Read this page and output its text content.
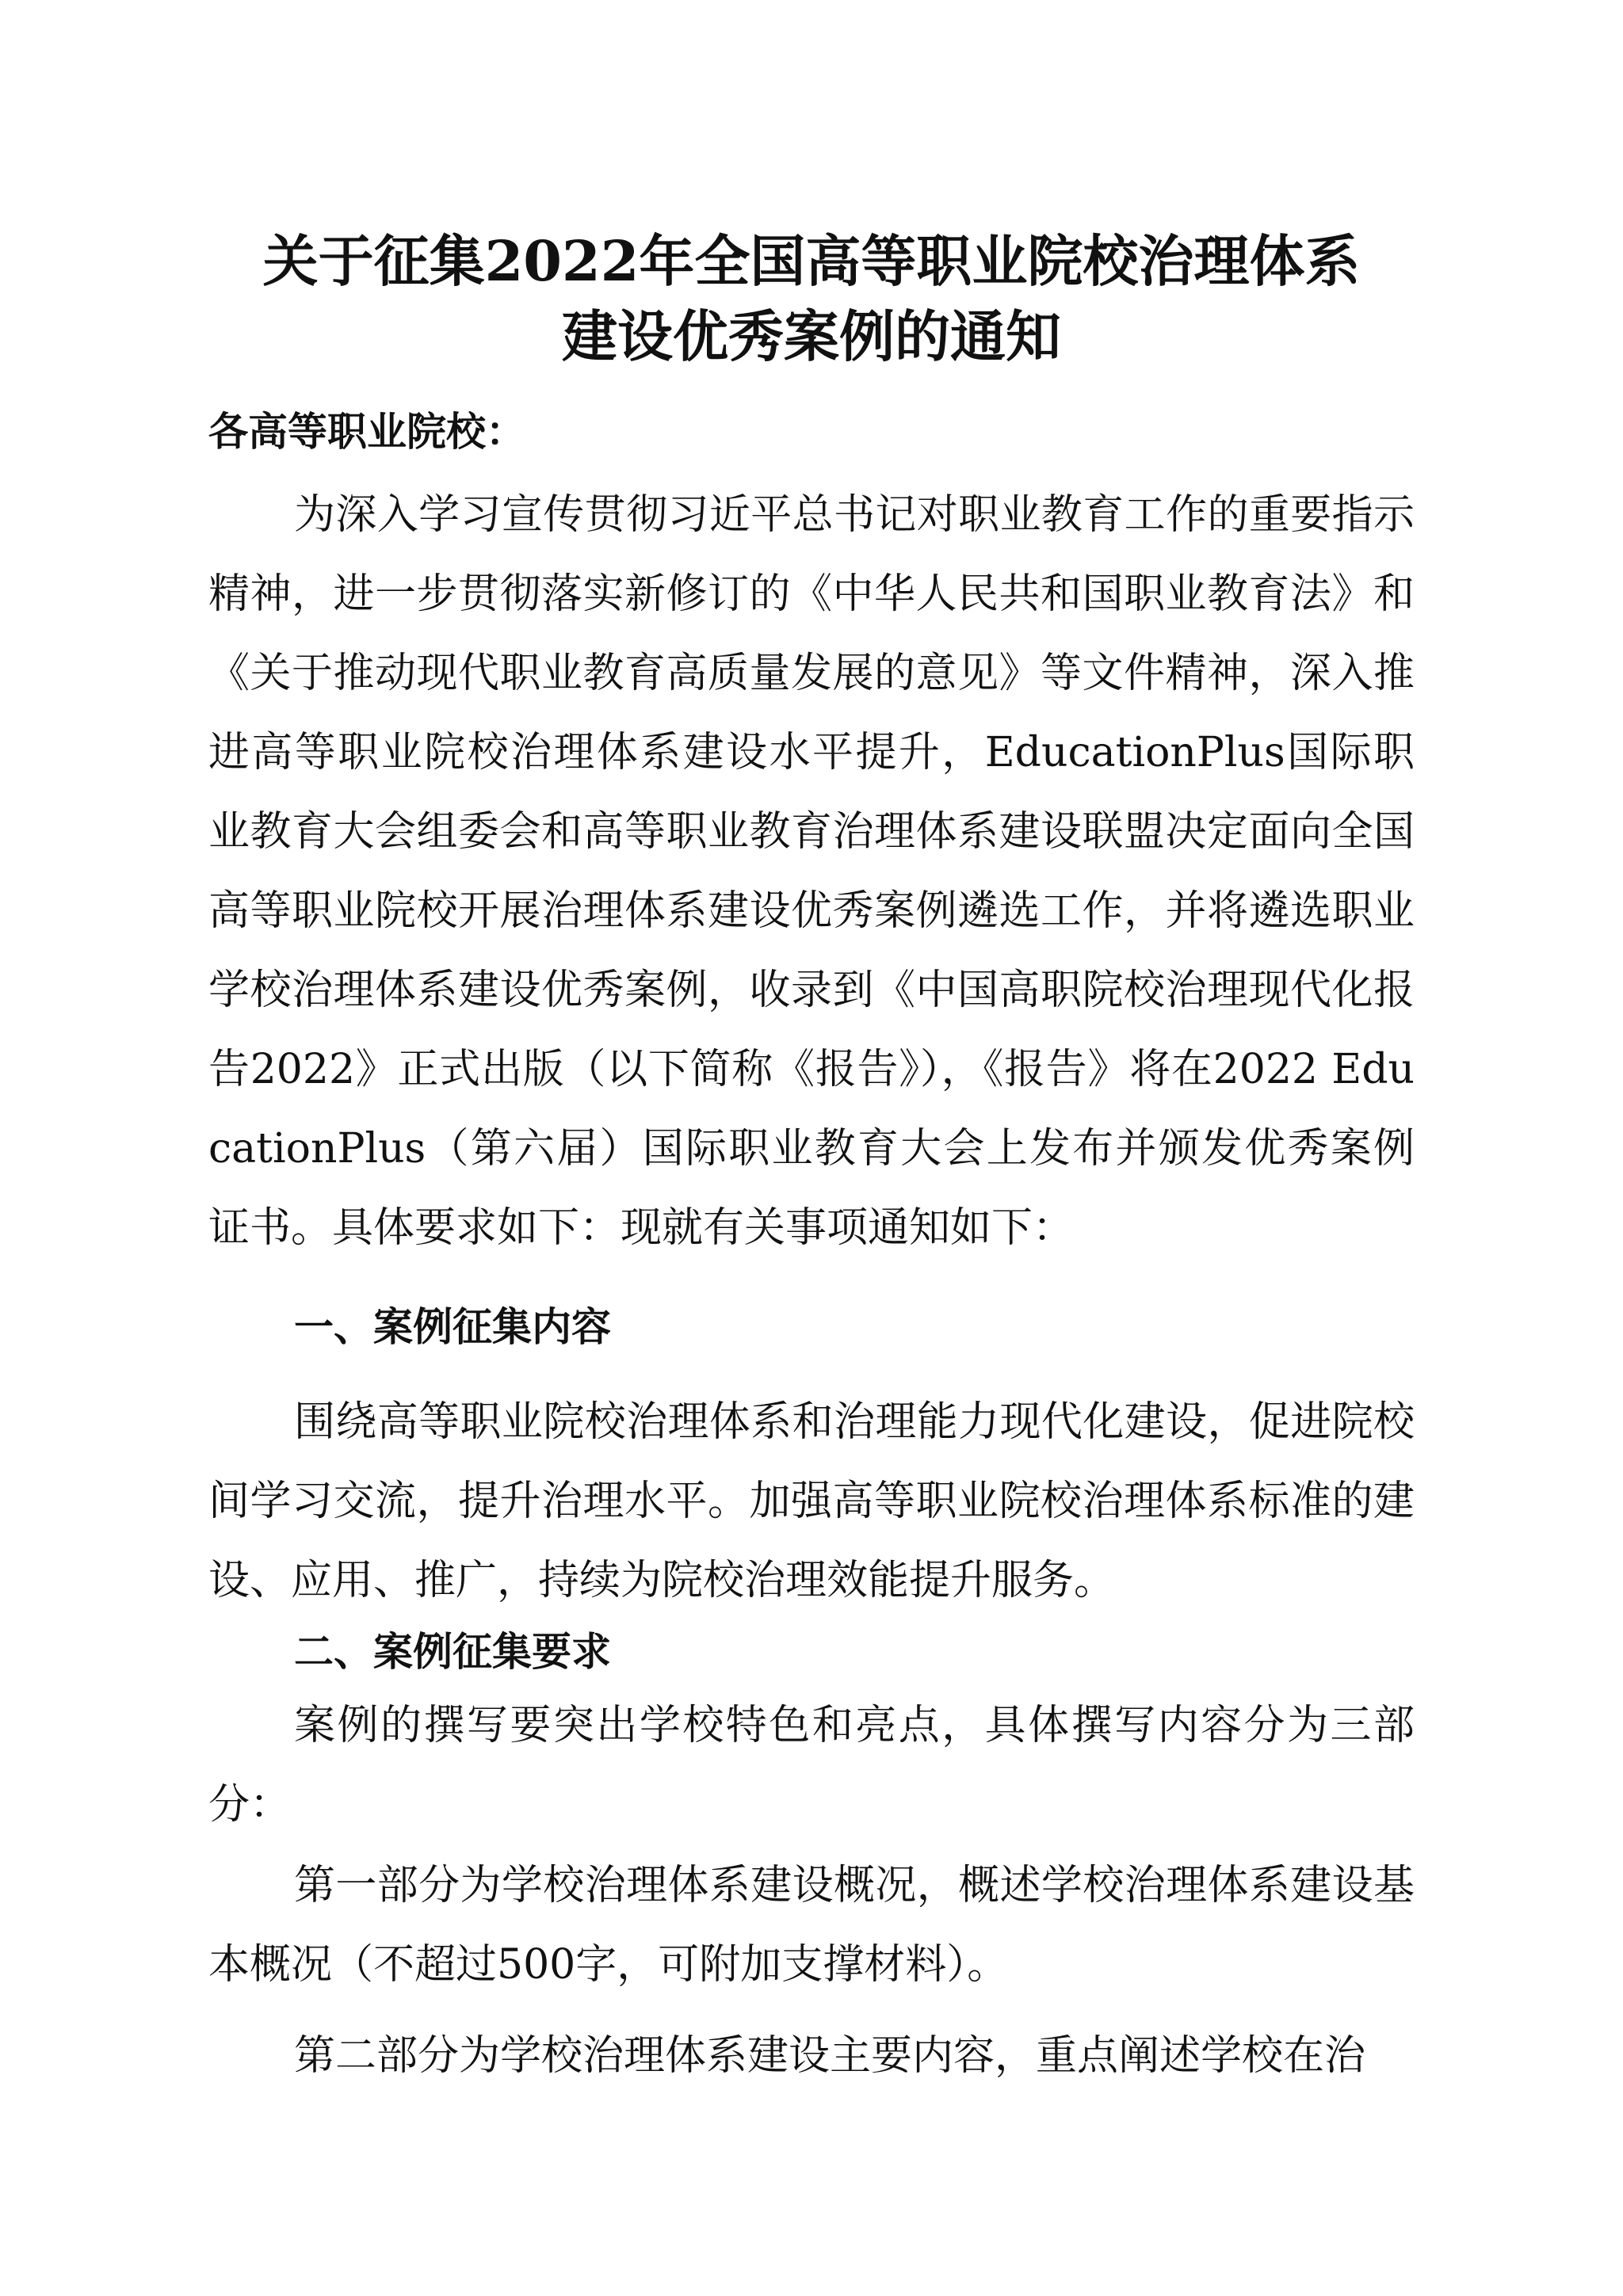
关于征集2022年全国高等职业院校治理体系
建设优秀案例的通知

各高等职业院校：

为深入学习宣传贯彻习近平总书记对职业教育工作的重要指示精神，进一步贯彻落实新修订的《中华人民共和国职业教育法》和《关于推动现代职业教育高质量发展的意见》等文件精神，深入推进高等职业院校治理体系建设水平提升，EducationPlus国际职业教育大会组委会和高等职业教育治理体系建设联盟决定面向全国高等职业院校开展治理体系建设优秀案例遴选工作，并将遴选职业学校治理体系建设优秀案例，收录到《中国高职院校治理现代化报告2022》正式出版（以下简称《报告》），《报告》将在2022 EducationPlus（第六届）国际职业教育大会上发布并颁发优秀案例证书。具体要求如下：现就有关事项通知如下：

一、案例征集内容

围绕高等职业院校治理体系和治理能力现代化建设，促进院校间学习交流，提升治理水平。加强高等职业院校治理体系标准的建设、应用、推广，持续为院校治理效能提升服务。

二、案例征集要求

案例的撰写要突出学校特色和亮点，具体撰写内容分为三部分：

第一部分为学校治理体系建设概况，概述学校治理体系建设基本概况（不超过500字，可附加支撑材料）。

第二部分为学校治理体系建设主要内容，重点阐述学校在治
